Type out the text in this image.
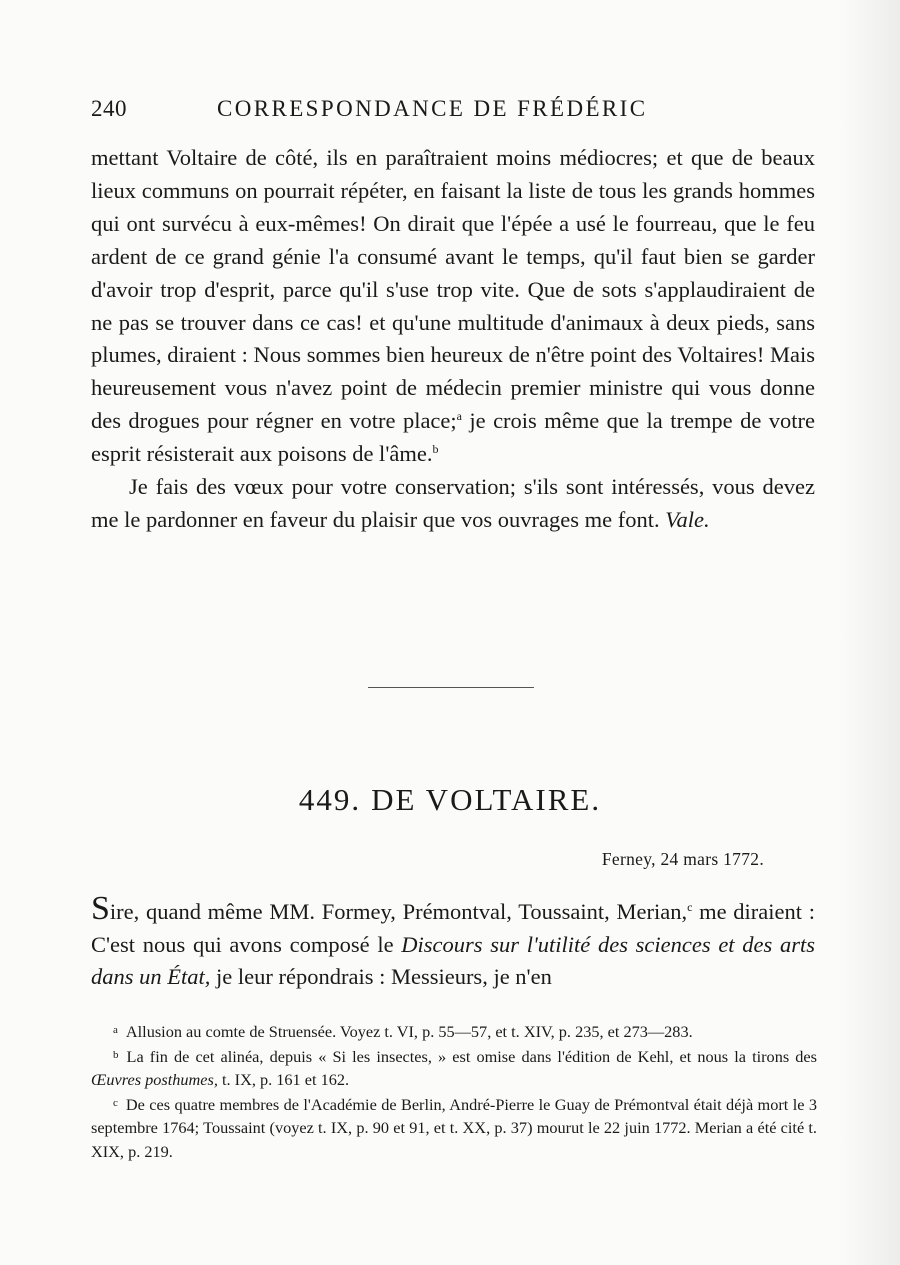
240	CORRESPONDANCE DE FRÉDÉRIC

mettant Voltaire de côté, ils en paraîtraient moins médiocres; et que de beaux lieux communs on pourrait répéter, en faisant la liste de tous les grands hommes qui ont survécu à eux-mêmes! On dirait que l'épée a usé le fourreau, que le feu ardent de ce grand génie l'a consumé avant le temps, qu'il faut bien se garder d'avoir trop d'esprit, parce qu'il s'use trop vite. Que de sots s'applaudiraient de ne pas se trouver dans ce cas! et qu'une multitude d'animaux à deux pieds, sans plumes, diraient : Nous sommes bien heureux de n'être point des Voltaires! Mais heureusement vous n'avez point de médecin premier ministre qui vous donne des drogues pour régner en votre place;$^a$ je crois même que la trempe de votre esprit résisterait aux poisons de l'âme.$^b$

Je fais des vœux pour votre conservation; s'ils sont intéressés, vous devez me le pardonner en faveur du plaisir que vos ouvrages me font. Vale.

449. DE VOLTAIRE.
Ferney, 24 mars 1772.

Sire, quand même MM. Formey, Prémontval, Toussaint, Merian,$^c$ me diraient : C'est nous qui avons composé le Discours sur l'utilité des sciences et des arts dans un État, je leur répondrais : Messieurs, je n'en

$^a$ Allusion au comte de Struensée. Voyez t. VI, p. 55—57, et t. XIV, p. 235, et 273—283.

$^b$ La fin de cet alinéa, depuis « Si les insectes, » est omise dans l'édition de Kehl, et nous la tirons des Œuvres posthumes, t. IX, p. 161 et 162.

$^c$ De ces quatre membres de l'Académie de Berlin, André-Pierre le Guay de Prémontval était déjà mort le 3 septembre 1764; Toussaint (voyez t. IX, p. 90 et 91, et t. XX, p. 37) mourut le 22 juin 1772. Merian a été cité t. XIX, p. 219.
